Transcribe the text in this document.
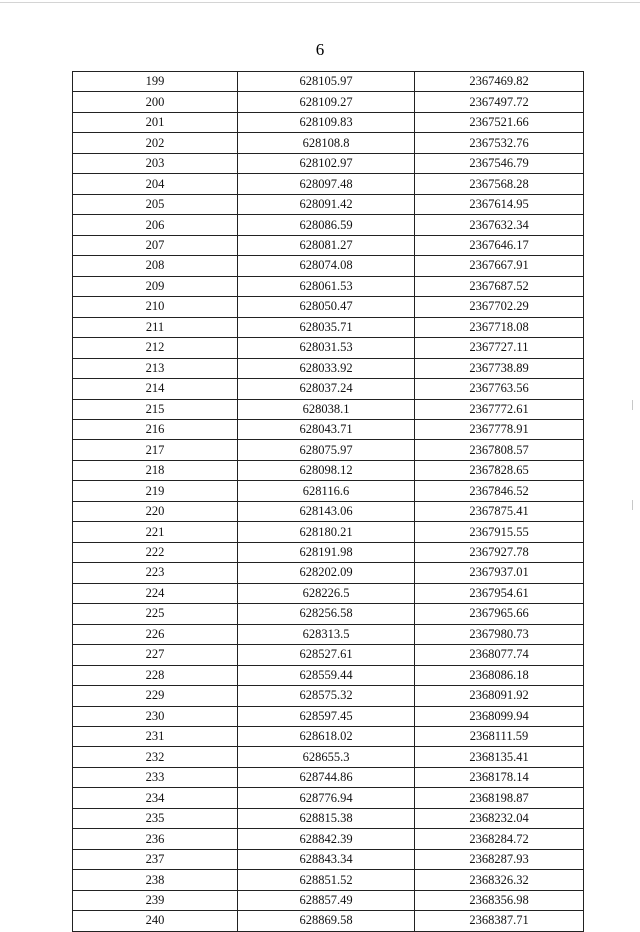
6
199	628105.97	2367469.82
200	628109.27	2367497.72
201	628109.83	2367521.66
202	628108.8	2367532.76
203	628102.97	2367546.79
204	628097.48	2367568.28
205	628091.42	2367614.95
206	628086.59	2367632.34
207	628081.27	2367646.17
208	628074.08	2367667.91
209	628061.53	2367687.52
210	628050.47	2367702.29
211	628035.71	2367718.08
212	628031.53	2367727.11
213	628033.92	2367738.89
214	628037.24	2367763.56
215	628038.1	2367772.61
216	628043.71	2367778.91
217	628075.97	2367808.57
218	628098.12	2367828.65
219	628116.6	2367846.52
220	628143.06	2367875.41
221	628180.21	2367915.55
222	628191.98	2367927.78
223	628202.09	2367937.01
224	628226.5	2367954.61
225	628256.58	2367965.66
226	628313.5	2367980.73
227	628527.61	2368077.74
228	628559.44	2368086.18
229	628575.32	2368091.92
230	628597.45	2368099.94
231	628618.02	2368111.59
232	628655.3	2368135.41
233	628744.86	2368178.14
234	628776.94	2368198.87
235	628815.38	2368232.04
236	628842.39	2368284.72
237	628843.34	2368287.93
238	628851.52	2368326.32
239	628857.49	2368356.98
240	628869.58	2368387.71
